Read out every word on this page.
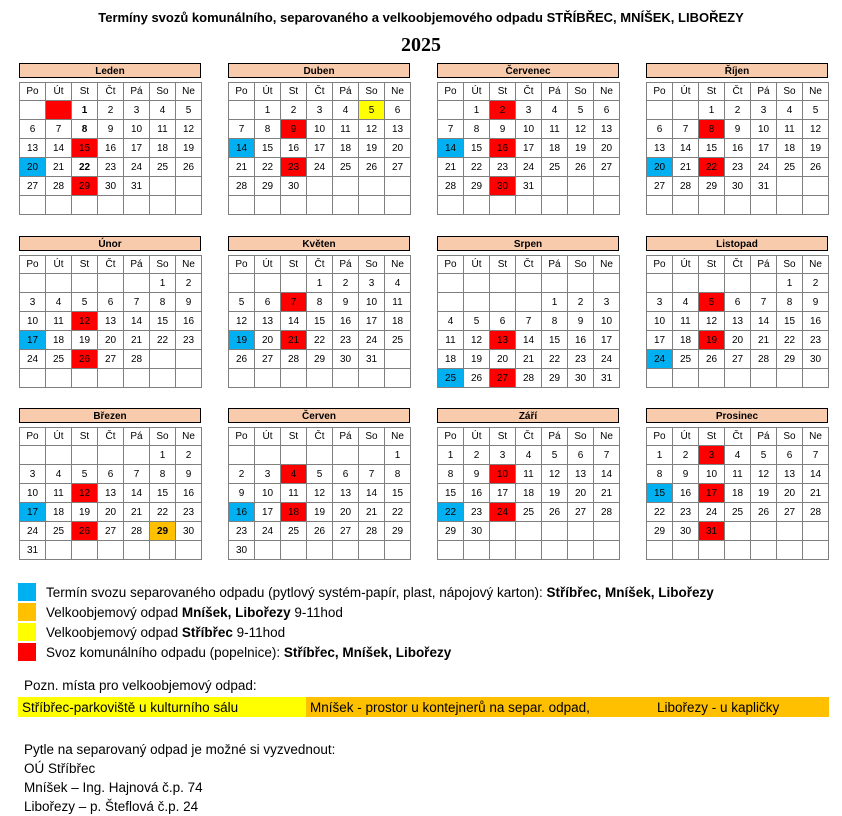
Termíny svozů komunálního, separovaného a velkoobjemového odpadu STŘÍBŘEC, MNÍŠEK, LIBOŘEZY
2025
Leden
Po	Út	St	Čt	Pá	So	Ne
		1	2	3	4	5
6	7	8	9	10	11	12
13	14	15	16	17	18	19
20	21	22	23	24	25	26
27	28	29	30	31		

Duben
Po	Út	St	Čt	Pá	So	Ne
	1	2	3	4	5	6
7	8	9	10	11	12	13
14	15	16	17	18	19	20
21	22	23	24	25	26	27
28	29	30				

Červenec
Po	Út	St	Čt	Pá	So	Ne
	1	2	3	4	5	6
7	8	9	10	11	12	13
14	15	16	17	18	19	20
21	22	23	24	25	26	27
28	29	30	31			

Říjen
Po	Út	St	Čt	Pá	So	Ne
		1	2	3	4	5
6	7	8	9	10	11	12
13	14	15	16	17	18	19
20	21	22	23	24	25	26
27	28	29	30	31		

Únor
Po	Út	St	Čt	Pá	So	Ne
					1	2
3	4	5	6	7	8	9
10	11	12	13	14	15	16
17	18	19	20	21	22	23
24	25	26	27	28		

Květen
Po	Út	St	Čt	Pá	So	Ne
			1	2	3	4
5	6	7	8	9	10	11
12	13	14	15	16	17	18
19	20	21	22	23	24	25
26	27	28	29	30	31	

Srpen
Po	Út	St	Čt	Pá	So	Ne

				1	2	3
4	5	6	7	8	9	10
11	12	13	14	15	16	17
18	19	20	21	22	23	24
25	26	27	28	29	30	31
Listopad
Po	Út	St	Čt	Pá	So	Ne
					1	2
3	4	5	6	7	8	9
10	11	12	13	14	15	16
17	18	19	20	21	22	23
24	25	26	27	28	29	30

Březen
Po	Út	St	Čt	Pá	So	Ne
					1	2
3	4	5	6	7	8	9
10	11	12	13	14	15	16
17	18	19	20	21	22	23
24	25	26	27	28	29	30
31						
Červen
Po	Út	St	Čt	Pá	So	Ne
						1
2	3	4	5	6	7	8
9	10	11	12	13	14	15
16	17	18	19	20	21	22
23	24	25	26	27	28	29
30						
Září
Po	Út	St	Čt	Pá	So	Ne
1	2	3	4	5	6	7
8	9	10	11	12	13	14
15	16	17	18	19	20	21
22	23	24	25	26	27	28
29	30					

Prosinec
Po	Út	St	Čt	Pá	So	Ne
1	2	3	4	5	6	7
8	9	10	11	12	13	14
15	16	17	18	19	20	21
22	23	24	25	26	27	28
29	30	31				

Termín svozu separovaného odpadu (pytlový systém-papír, plast, nápojový karton): Stříbřec, Mníšek, Libořezy
Velkoobjemový odpad Mníšek, Libořezy 9-11hod
Velkoobjemový odpad Stříbřec 9-11hod
Svoz komunálního odpadu (popelnice): Stříbřec, Mníšek, Libořezy
Pozn. místa pro velkoobjemový odpad:
Stříbřec-parkoviště u kulturního sálu	Mníšek - prostor u kontejnerů na separ. odpad,	Libořezy - u kapličky
Pytle na separovaný odpad je možné si vyzvednout:
OÚ Stříbřec
Mníšek – Ing. Hajnová č.p. 74
Libořezy – p. Šteflová č.p. 24
